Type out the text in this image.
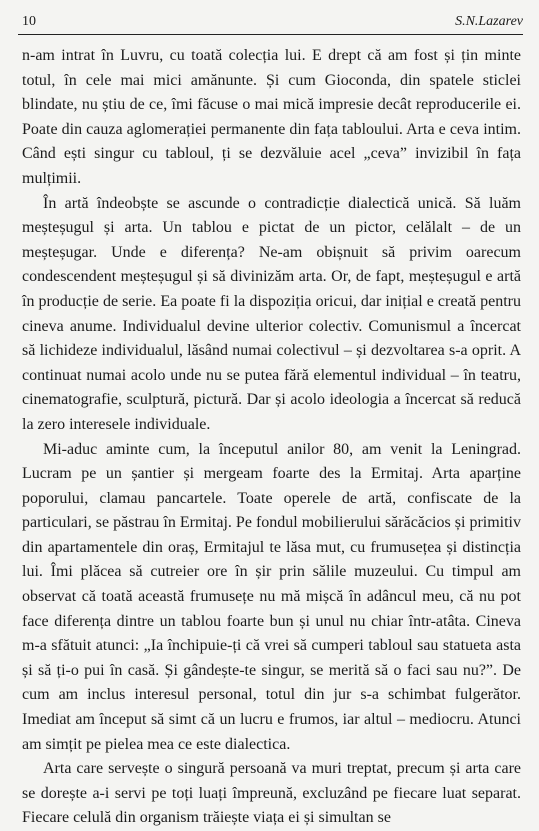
10	S.N.Lazarev

n-am intrat în Luvru, cu toată colecția lui. E drept că am fost și țin minte totul, în cele mai mici amănunte. Și cum Gioconda, din spatele sticlei blindate, nu știu de ce, îmi făcuse o mai mică impresie decât reproducerile ei. Poate din cauza aglomerației permanente din fața tabloului. Arta e ceva intim. Când ești singur cu tabloul, ți se dezvăluie acel „ceva” invizibil în fața mulțimii.

În artă îndeobște se ascunde o contradicție dialectică unică. Să luăm meșteșugul și arta. Un tablou e pictat de un pictor, celălalt – de un meșteșugar. Unde e diferența? Ne-am obișnuit să privim oarecum condescendent meșteșugul și să divinizăm arta. Or, de fapt, meșteșugul e artă în producție de serie. Ea poate fi la dispoziția oricui, dar inițial e creată pentru cineva anume. Individualul devine ulterior colectiv. Comunismul a încercat să lichideze individualul, lăsând numai colectivul – și dezvoltarea s-a oprit. A continuat numai acolo unde nu se putea fără elementul individual – în teatru, cinematografie, sculptură, pictură. Dar și acolo ideologia a încercat să reducă la zero interesele individuale.

Mi-aduc aminte cum, la începutul anilor 80, am venit la Leningrad. Lucram pe un șantier și mergeam foarte des la Ermitaj. Arta aparține poporului, clamau pancartele. Toate operele de artă, confiscate de la particulari, se păstrau în Ermitaj. Pe fondul mobilierului sărăcăcios și primitiv din apartamentele din oraș, Ermitajul te lăsa mut, cu frumusețea și distincția lui. Îmi plăcea să cutreier ore în șir prin sălile muzeului. Cu timpul am observat că toată această frumusețe nu mă mișcă în adâncul meu, că nu pot face diferența dintre un tablou foarte bun și unul nu chiar într-atâta. Cineva m-a sfătuit atunci: „Ia închipuie-ți că vrei să cumperi tabloul sau statueta asta și să ți-o pui în casă. Și gândește-te singur, se merită să o faci sau nu?”. De cum am inclus interesul personal, totul din jur s-a schimbat fulgerător. Imediat am început să simt că un lucru e frumos, iar altul – mediocru. Atunci am simțit pe pielea mea ce este dialectica.

Arta care servește o singură persoană va muri treptat, precum și arta care se dorește a-i servi pe toți luați împreună, excluzând pe fiecare luat separat. Fiecare celulă din organism trăiește viața ei și simultan se
